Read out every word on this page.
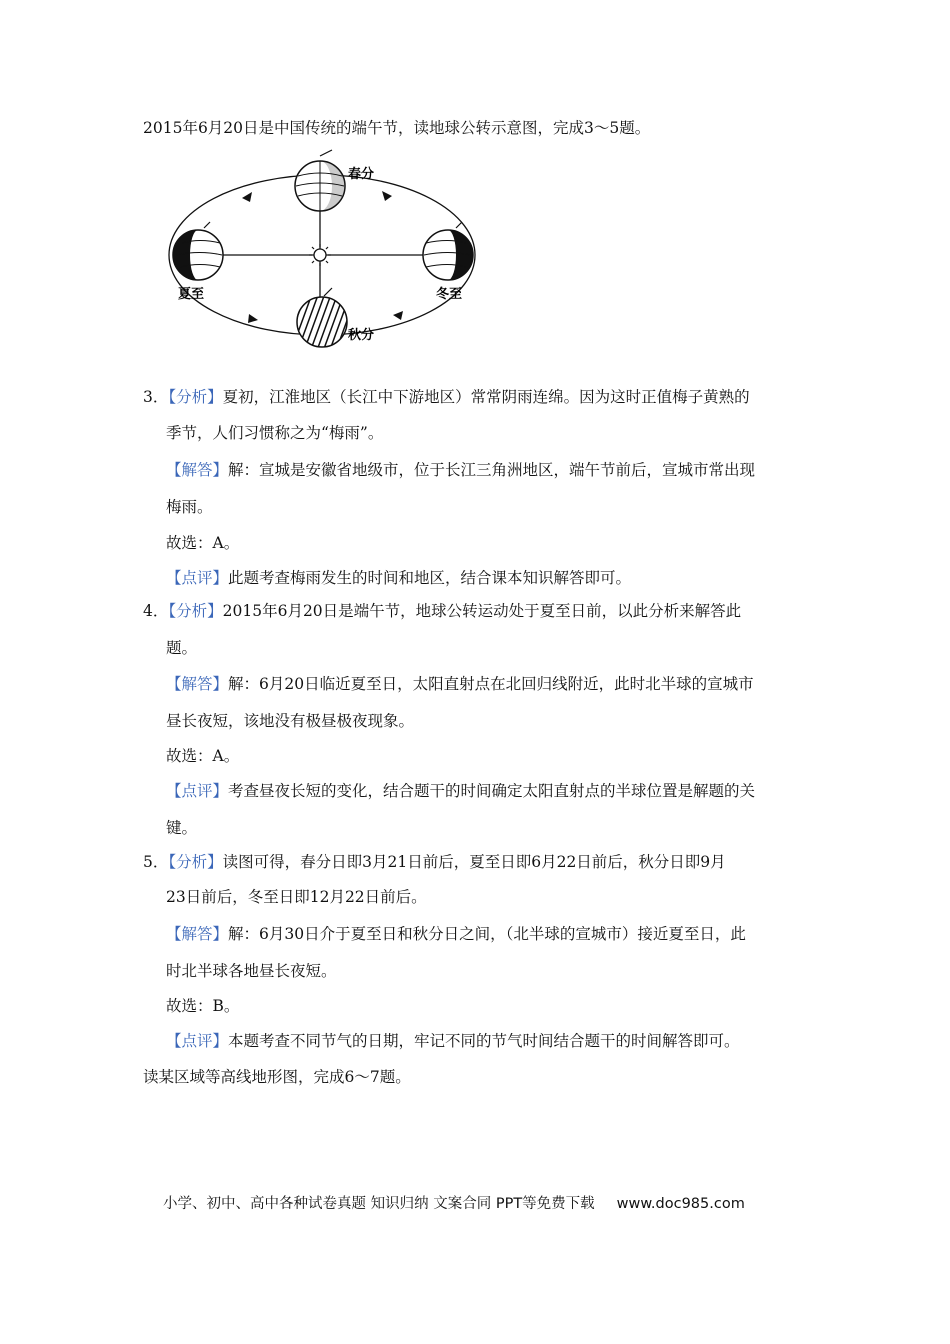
2015年6月20日是中国传统的端午节，读地球公转示意图，完成3～5题。
春分
夏至	冬至
秋分
3．【分析】夏初，江淮地区（长江中下游地区）常常阴雨连绵。因为这时正值梅子黄熟的
季节，人们习惯称之为“梅雨”。
【解答】解：宣城是安徽省地级市，位于长江三角洲地区，端午节前后，宣城市常出现
梅雨。
故选：A。
【点评】此题考查梅雨发生的时间和地区，结合课本知识解答即可。
4．【分析】2015年6月20日是端午节，地球公转运动处于夏至日前，以此分析来解答此
题。
【解答】解：6月20日临近夏至日，太阳直射点在北回归线附近，此时北半球的宣城市
昼长夜短，该地没有极昼极夜现象。
故选：A。
【点评】考查昼夜长短的变化，结合题干的时间确定太阳直射点的半球位置是解题的关
键。
5．【分析】读图可得，春分日即3月21日前后，夏至日即6月22日前后，秋分日即9月
23日前后，冬至日即12月22日前后。
【解答】解：6月30日介于夏至日和秋分日之间，（北半球的宣城市）接近夏至日，此
时北半球各地昼长夜短。
故选：B。
【点评】本题考查不同节气的日期，牢记不同的节气时间结合题干的时间解答即可。
读某区域等高线地形图，完成6～7题。
小学、初中、高中各种试卷真题 知识归纳 文案合同 PPT等免费下载 www.doc985.com
